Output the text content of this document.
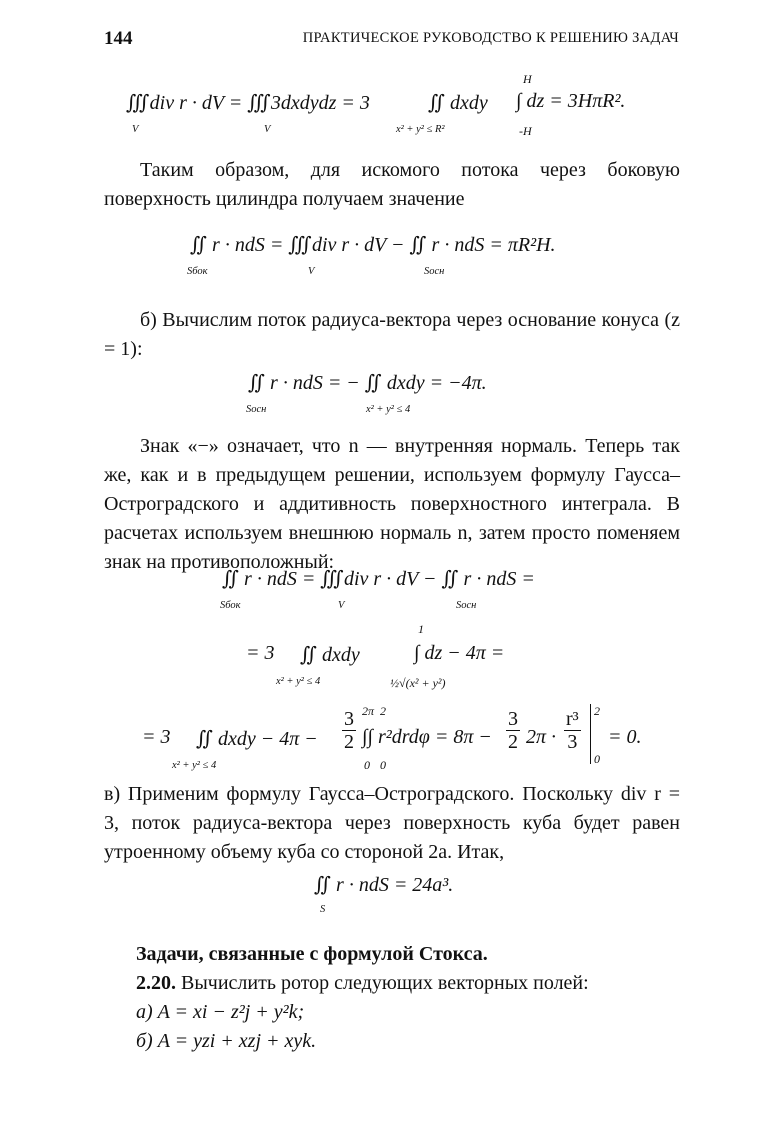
144	ПРАКТИЧЕСКОЕ РУКОВОДСТВО К РЕШЕНИЮ ЗАДАЧ
∭div r · dV = ∭3dxdydz = 3	∬ dxdy ∫ dz = 3HπR².
V	V	x² + y² ≤ R²
H
-H

Таким образом, для искомого потока через боковую поверхность цилиндра получаем значение

∬ r · ndS = ∭div r · dV − ∬ r · ndS = πR²H.
Sбок	V	Sосн

б) Вычислим поток радиуса-вектора через основание конуса (z = 1):

∬ r · ndS = − ∬ dxdy = −4π.
Sосн	x² + y² ≤ 4

Знак «−» означает, что n — внутренняя нормаль. Теперь так же, как и в предыдущем решении, используем формулу Гаусса–Остроградского и аддитивность поверхностного интеграла. В расчетах используем внешнюю нормаль n, затем просто поменяем знак на противоположный:

∬ r · ndS = ∭div r · dV − ∬ r · ndS =
Sбок	V	Sосн
= 3 ∬ dxdy	∫ dz − 4π =
x² + y² ≤ 4
1
½√(x² + y²)
= 3 ∬ dxdy − $4\pi - \frac{3}{2}$ ∫∫ $r^2drd\varphi = 8\pi - \frac{3}{2} 2\pi \cdot \frac{\text{r³}}{3} = 0$.
x² + y² ≤ 4
2π 2
0 0
2
0

в) Применим формулу Гаусса–Остроградского. Поскольку div r = 3, поток радиуса-вектора через поверхность куба будет равен утроенному объему куба со стороной 2a. Итак,

∬ r · ndS = 24a³.
S

Задачи, связанные с формулой Стокса.

2.20. Вычислить ротор следующих векторных полей:

а) A = xi − z²j + y²k;

б) A = yzi + xzj + xyk.
